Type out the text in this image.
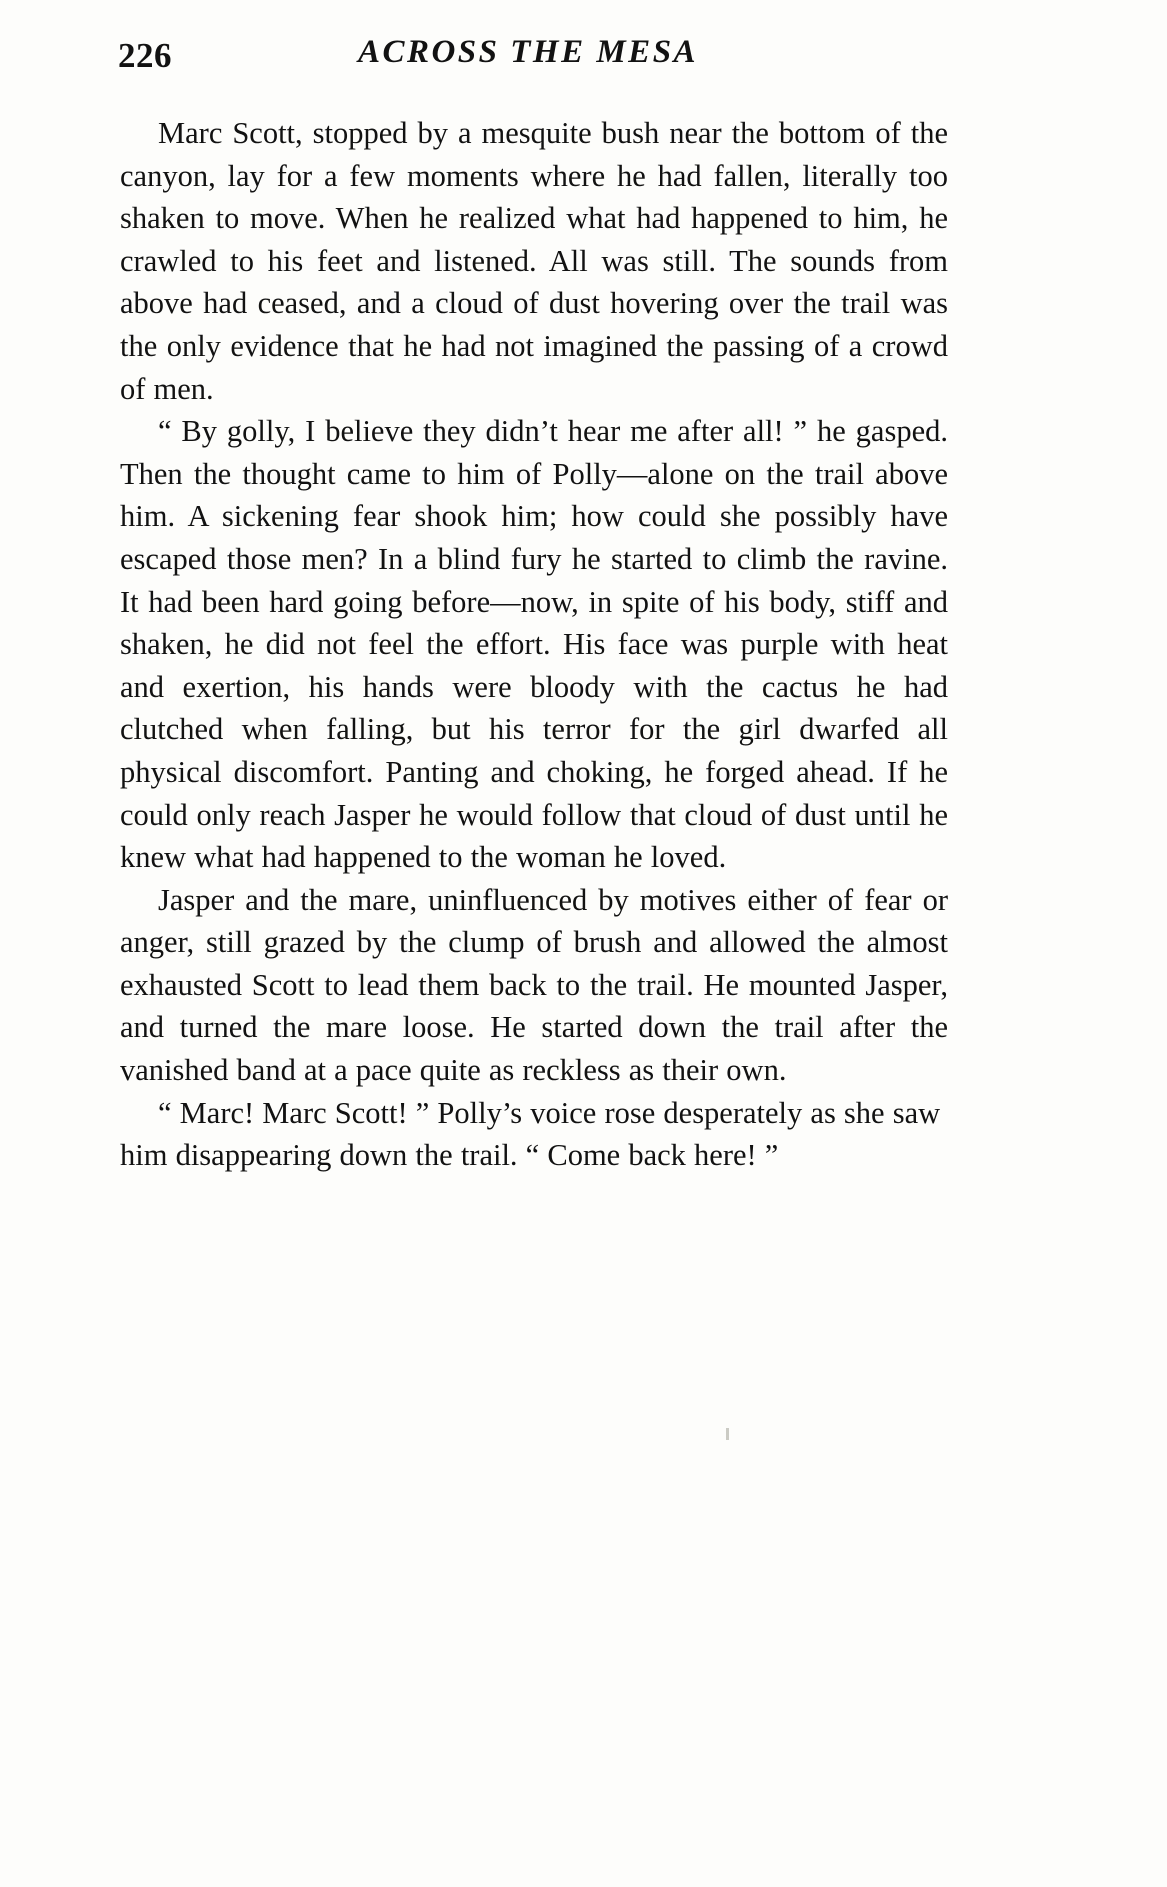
226	ACROSS THE MESA

Marc Scott, stopped by a mesquite bush near the bottom of the canyon, lay for a few moments where he had fallen, literally too shaken to move. When he realized what had happened to him, he crawled to his feet and listened. All was still. The sounds from above had ceased, and a cloud of dust hovering over the trail was the only evidence that he had not imagined the passing of a crowd of men.

“ By golly, I believe they didn’t hear me after all! ” he gasped. Then the thought came to him of Polly—alone on the trail above him. A sickening fear shook him; how could she possibly have escaped those men? In a blind fury he started to climb the ravine. It had been hard going before—now, in spite of his body, stiff and shaken, he did not feel the effort. His face was purple with heat and exertion, his hands were bloody with the cactus he had clutched when falling, but his terror for the girl dwarfed all physical discomfort. Panting and choking, he forged ahead. If he could only reach Jasper he would follow that cloud of dust until he knew what had happened to the woman he loved.

Jasper and the mare, uninfluenced by motives either of fear or anger, still grazed by the clump of brush and allowed the almost exhausted Scott to lead them back to the trail. He mounted Jasper, and turned the mare loose. He started down the trail after the vanished band at a pace quite as reckless as their own.

“ Marc! Marc Scott! ” Polly’s voice rose desperately as she saw him disappearing down the trail. “ Come back here! ”
